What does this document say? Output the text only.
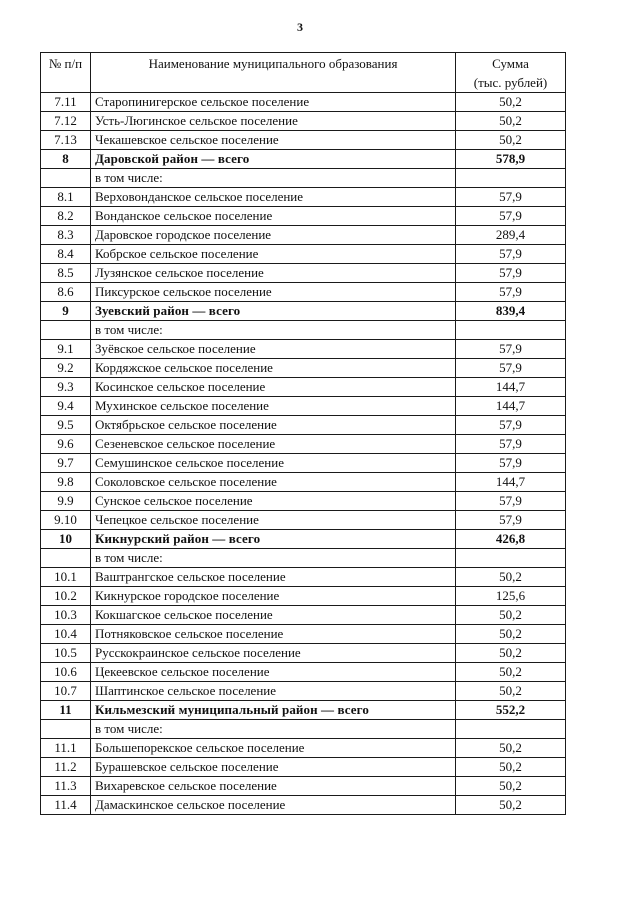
3
№ п/п	Наименование муниципального образования	Сумма
(тыс. рублей)

7.11	Старопинигерское сельское поселение	50,2
7.12	Усть-Люгинское сельское поселение	50,2
7.13	Чекашевское сельское поселение	50,2
8	Даровской район — всего	578,9
	в том числе:	
8.1	Верховонданское сельское поселение	57,9
8.2	Вонданское сельское поселение	57,9
8.3	Даровское городское поселение	289,4
8.4	Кобрское сельское поселение	57,9
8.5	Лузянское сельское поселение	57,9
8.6	Пиксурское сельское поселение	57,9
9	Зуевский район — всего	839,4
	в том числе:	
9.1	Зуёвское сельское поселение	57,9
9.2	Кордяжское сельское поселение	57,9
9.3	Косинское сельское поселение	144,7
9.4	Мухинское сельское поселение	144,7
9.5	Октябрьское сельское поселение	57,9
9.6	Сезеневское сельское поселение	57,9
9.7	Семушинское сельское поселение	57,9
9.8	Соколовское сельское поселение	144,7
9.9	Сунское сельское поселение	57,9
9.10	Чепецкое сельское поселение	57,9
10	Кикнурский район — всего	426,8
	в том числе:	
10.1	Ваштрангское сельское поселение	50,2
10.2	Кикнурское городское поселение	125,6
10.3	Кокшагское сельское поселение	50,2
10.4	Потняковское сельское поселение	50,2
10.5	Русскокраинское сельское поселение	50,2
10.6	Цекеевское сельское поселение	50,2
10.7	Шаптинское сельское поселение	50,2
11	Кильмезский муниципальный район — всего	552,2
	в том числе:	
11.1	Большепорекское сельское поселение	50,2
11.2	Бурашевское сельское поселение	50,2
11.3	Вихаревское сельское поселение	50,2
11.4	Дамаскинское сельское поселение	50,2
